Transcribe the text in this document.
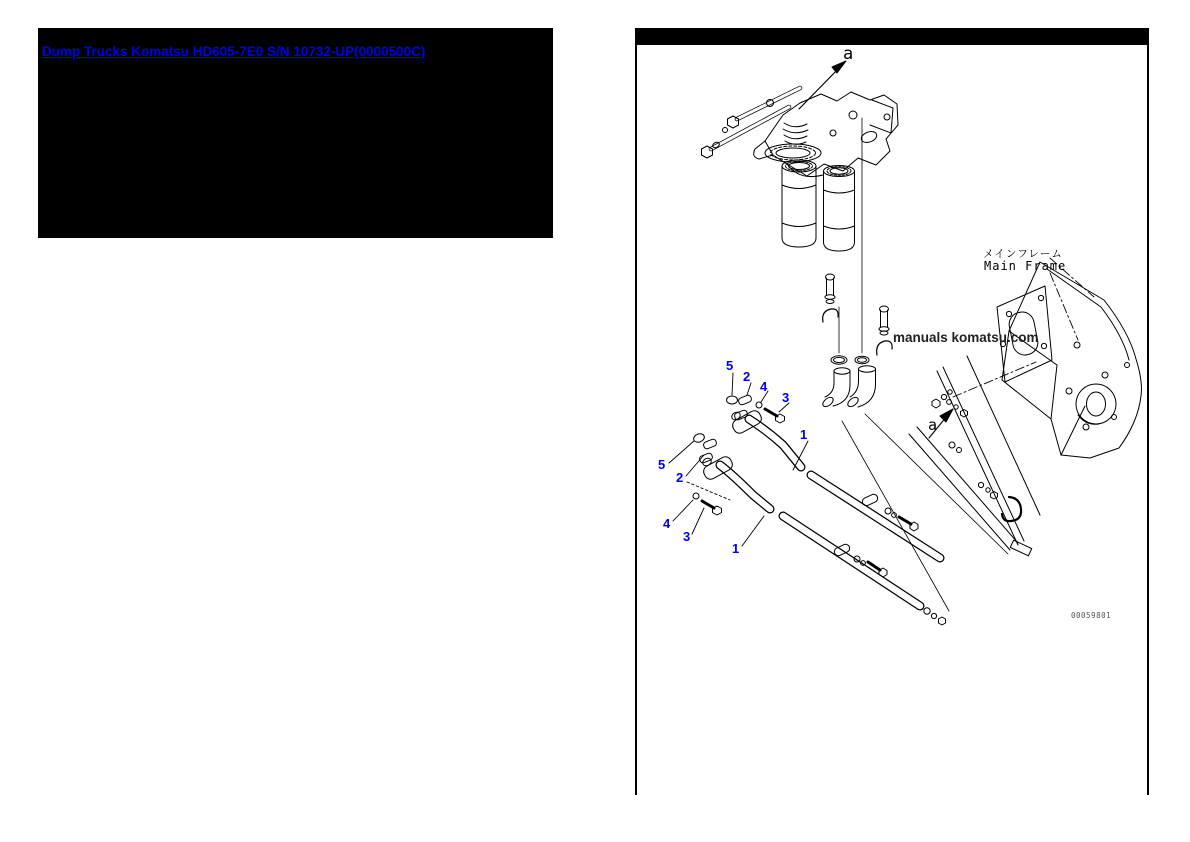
Dump Trucks Komatsu HD605-7E0 S/N 10732-UP(0000500C)	a
a
メインフレーム
Main Frame
manuals komatsu.com
00059801
5
2
4
3
1
5
2
4
3
1
